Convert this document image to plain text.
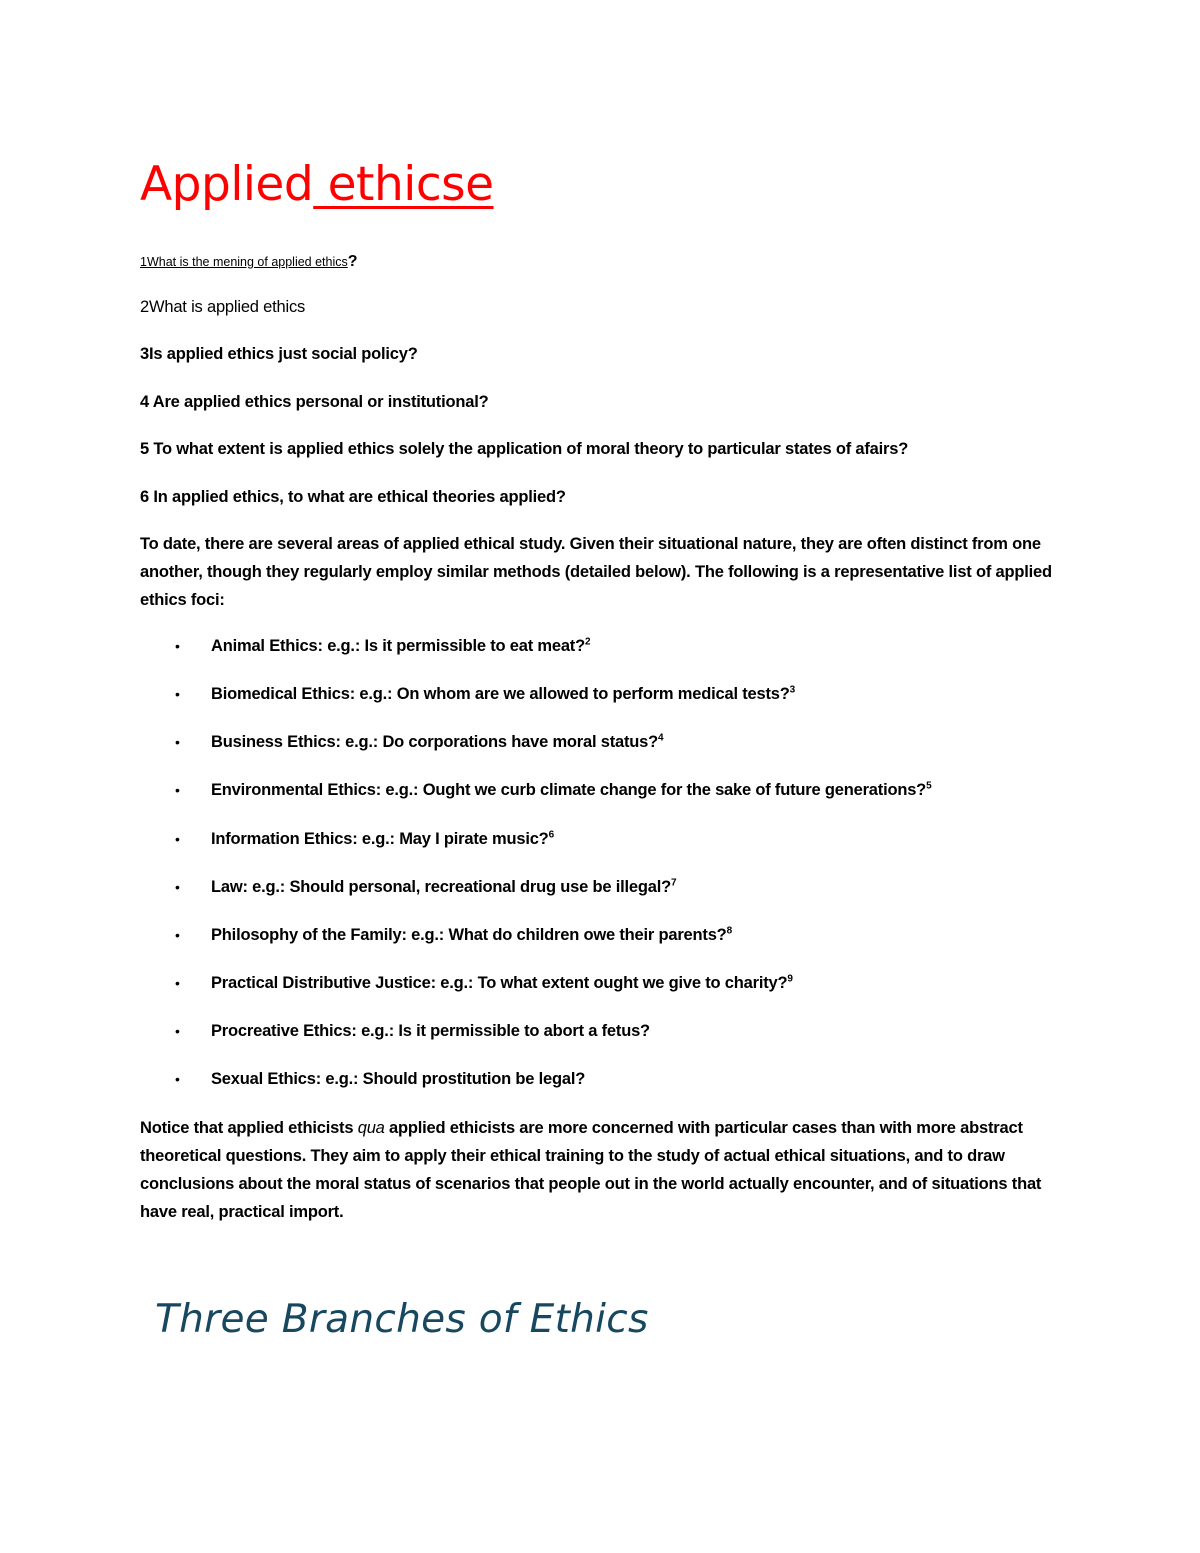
Applied ethicse
1What is the mening of applied ethics?
2What is applied ethics
3Is applied ethics just social policy?
4 Are applied ethics personal or institutional?
5 To what extent is applied ethics solely the application of moral theory to particular states of afairs?
6 In applied ethics, to what are ethical theories applied?
To date, there are several areas of applied ethical study. Given their situational nature, they are often distinct from one another, though they regularly employ similar methods (detailed below). The following is a representative list of applied ethics foci:
• Animal Ethics: e.g.: Is it permissible to eat meat?$^2$
• Biomedical Ethics: e.g.: On whom are we allowed to perform medical tests?$^3$
• Business Ethics: e.g.: Do corporations have moral status?$^4$
• Environmental Ethics: e.g.: Ought we curb climate change for the sake of future generations?$^5$
• Information Ethics: e.g.: May I pirate music?$^6$
• Law: e.g.: Should personal, recreational drug use be illegal?$^7$
• Philosophy of the Family: e.g.: What do children owe their parents?$^8$
• Practical Distributive Justice: e.g.: To what extent ought we give to charity?$^9$
• Procreative Ethics: e.g.: Is it permissible to abort a fetus?
• Sexual Ethics: e.g.: Should prostitution be legal?
Notice that applied ethicists qua applied ethicists are more concerned with particular cases than with more abstract theoretical questions. They aim to apply their ethical training to the study of actual ethical situations, and to draw conclusions about the moral status of scenarios that people out in the world actually encounter, and of situations that have real, practical import.
Three Branches of Ethics
